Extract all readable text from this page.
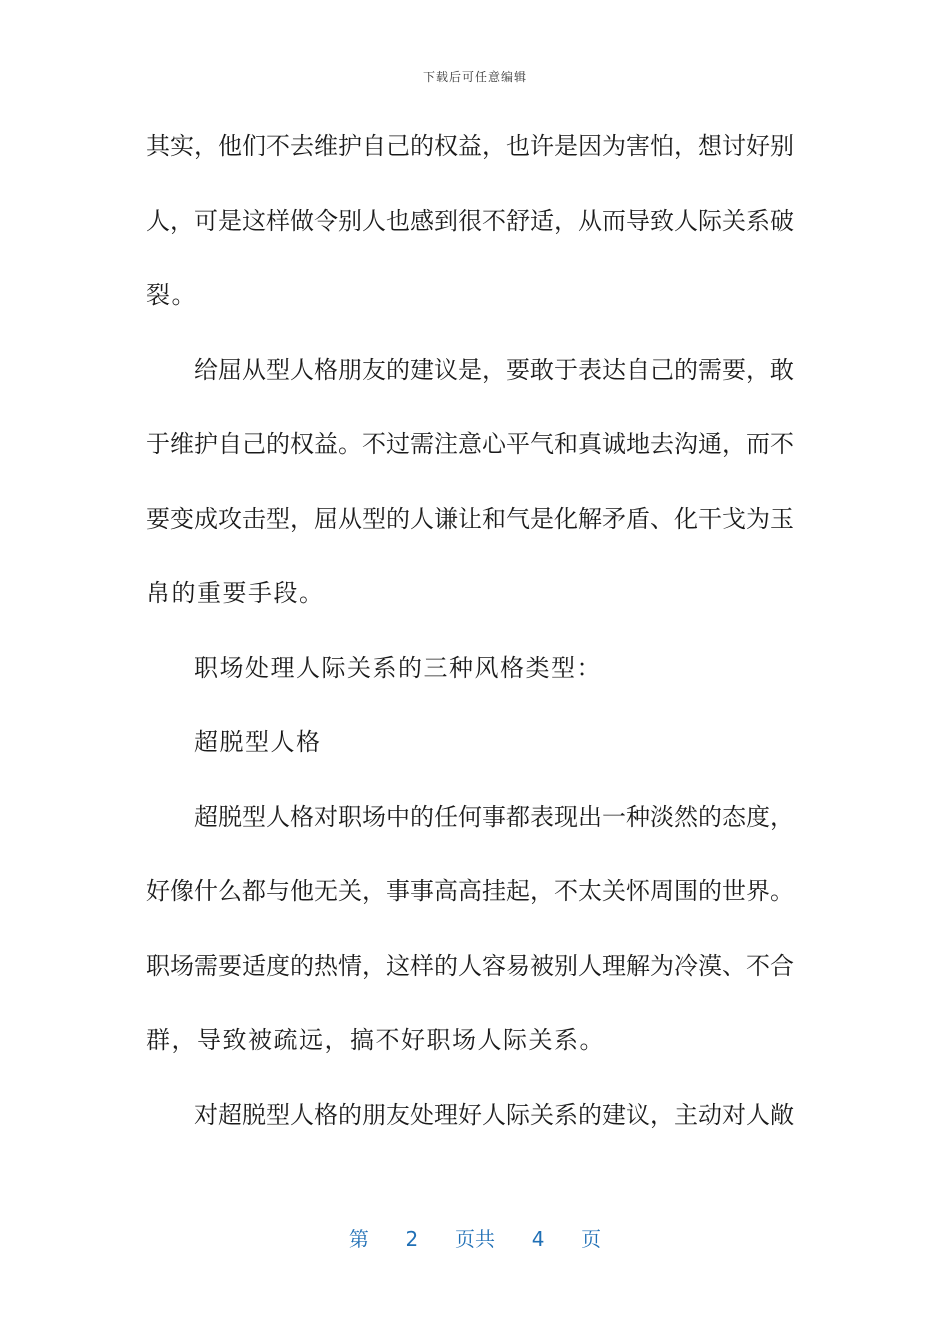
下载后可任意编辑
其实，他们不去维护自己的权益，也许是因为害怕，想讨好别
人，可是这样做令别人也感到很不舒适，从而导致人际关系破
裂。
给屈从型人格朋友的建议是，要敢于表达自己的需要，敢
于维护自己的权益。不过需注意心平气和真诚地去沟通，而不
要变成攻击型，屈从型的人谦让和气是化解矛盾、化干戈为玉
帛的重要手段。
职场处理人际关系的三种风格类型：
超脱型人格
超脱型人格对职场中的任何事都表现出一种淡然的态度，
好像什么都与他无关，事事高高挂起，不太关怀周围的世界。
职场需要适度的热情，这样的人容易被别人理解为冷漠、不合
群，导致被疏远，搞不好职场人际关系。
对超脱型人格的朋友处理好人际关系的建议，主动对人敞
第 2 页共 4 页
